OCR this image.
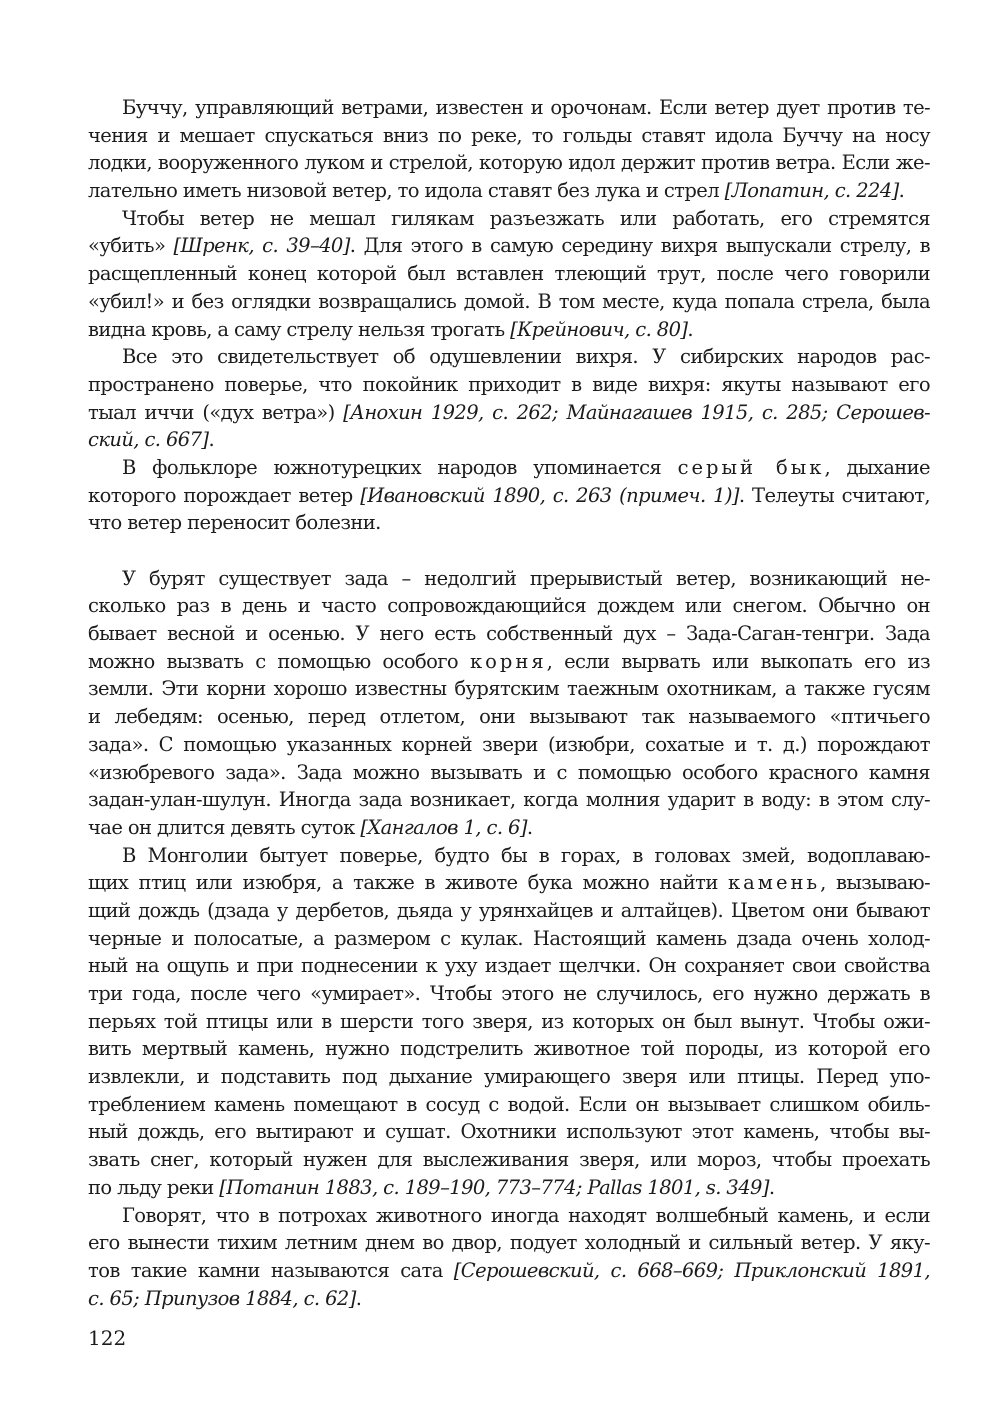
Буччу, управляющий ветрами, известен и орочонам. Если ветер дует против те-
чения и мешает спускаться вниз по реке, то гольды ставят идола Буччу на носу
лодки, вооруженного луком и стрелой, которую идол держит против ветра. Если же-
лательно иметь низовой ветер, то идола ставят без лука и стрел [Лопатин, с. 224].
Чтобы ветер не мешал гилякам разъезжать или работать, его стремятся
«убить» [Шренк, с. 39–40]. Для этого в самую середину вихря выпускали стрелу, в
расщепленный конец которой был вставлен тлеющий трут, после чего говорили
«убил!» и без оглядки возвращались домой. В том месте, куда попала стрела, была
видна кровь, а саму стрелу нельзя трогать [Крейнович, с. 80].
Все это свидетельствует об одушевлении вихря. У сибирских народов рас-
пространено поверье, что покойник приходит в виде вихря: якуты называют его
тыал иччи («дух ветра») [Анохин 1929, с. 262; Майнагашев 1915, с. 285; Серошев-
ский, с. 667].
В фольклоре южнотурецких народов упоминается серый бык, дыхание
которого порождает ветер [Ивановский 1890, с. 263 (примеч. 1)]. Телеуты считают,
что ветер переносит болезни.
У бурят существует зада – недолгий прерывистый ветер, возникающий не-
сколько раз в день и часто сопровождающийся дождем или снегом. Обычно он
бывает весной и осенью. У него есть собственный дух – Зада-Саган-тенгри. Зада
можно вызвать с помощью особого корня, если вырвать или выкопать его из
земли. Эти корни хорошо известны бурятским таежным охотникам, а также гусям
и лебедям: осенью, перед отлетом, они вызывают так называемого «птичьего
зада». С помощью указанных корней звери (изюбри, сохатые и т. д.) порождают
«изюбревого зада». Зада можно вызывать и с помощью особого красного камня
задан-улан-шулун. Иногда зада возникает, когда молния ударит в воду: в этом слу-
чае он длится девять суток [Хангалов 1, с. 6].
В Монголии бытует поверье, будто бы в горах, в головах змей, водоплаваю-
щих птиц или изюбря, а также в животе бука можно найти камень, вызываю-
щий дождь (дзада у дербетов, дьяда у урянхайцев и алтайцев). Цветом они бывают
черные и полосатые, а размером с кулак. Настоящий камень дзада очень холод-
ный на ощупь и при поднесении к уху издает щелчки. Он сохраняет свои свойства
три года, после чего «умирает». Чтобы этого не случилось, его нужно держать в
перьях той птицы или в шерсти того зверя, из которых он был вынут. Чтобы ожи-
вить мертвый камень, нужно подстрелить животное той породы, из которой его
извлекли, и подставить под дыхание умирающего зверя или птицы. Перед упо-
треблением камень помещают в сосуд с водой. Если он вызывает слишком обиль-
ный дождь, его вытирают и сушат. Охотники используют этот камень, чтобы вы-
звать снег, который нужен для выслеживания зверя, или мороз, чтобы проехать
по льду реки [Потанин 1883, с. 189–190, 773–774; Pallas 1801, s. 349].
Говорят, что в потрохах животного иногда находят волшебный камень, и если
его вынести тихим летним днем во двор, подует холодный и сильный ветер. У яку-
тов такие камни называются сата [Серошевский, с. 668–669; Приклонский 1891,
с. 65; Припузов 1884, с. 62].
122
